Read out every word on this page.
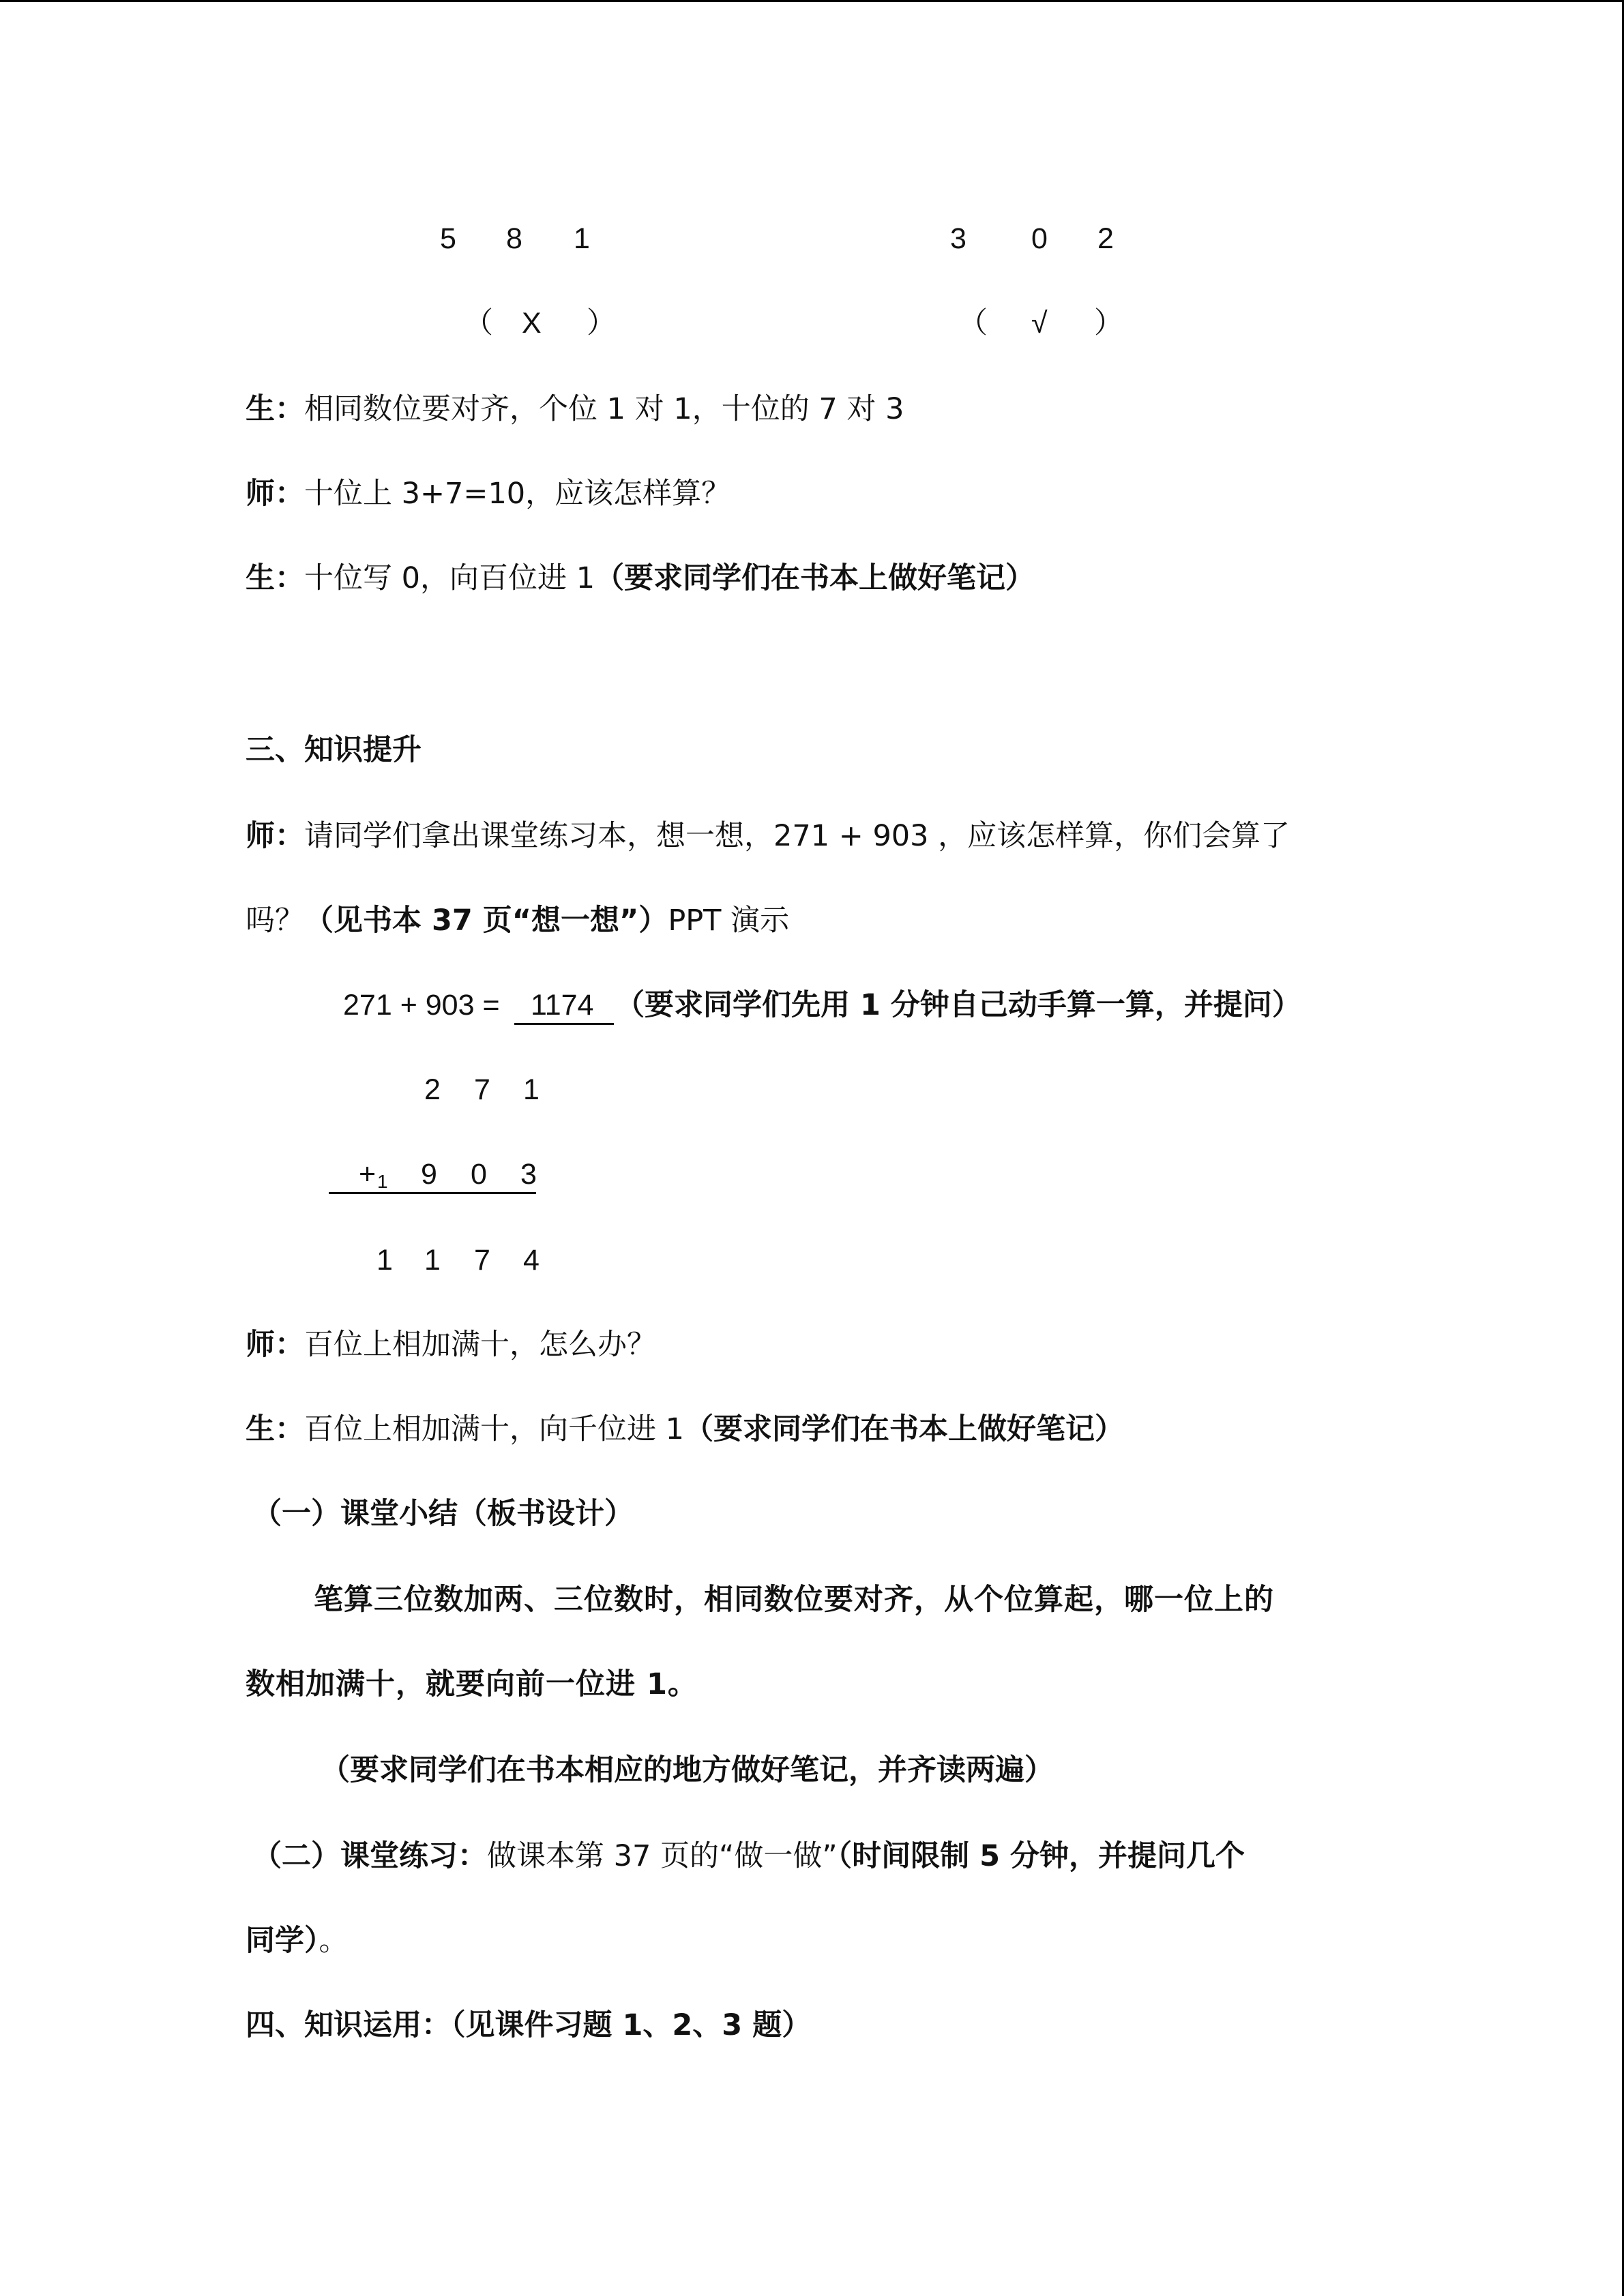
5 8 1	3 0 2
（ X ）	（ √ ）
生：相同数位要对齐，个位 1 对 1，十位的 7 对 3
师：十位上 3+7=10，应该怎样算？
生：十位写 0，向百位进 1（要求同学们在书本上做好笔记）
三、知识提升
师：请同学们拿出课堂练习本，想一想，271 + 903 ，应该怎样算，你们会算了
吗？（见书本 37 页“想一想”）PPT 演示
271 + 903 = 1174 （要求同学们先用 1 分钟自己动手算一算，并提问）
2 7 1
+ 1 9 0 3
1 1 7 4
师：百位上相加满十，怎么办？
生：百位上相加满十，向千位进 1（要求同学们在书本上做好笔记）
（一）课堂小结（板书设计）
笔算三位数加两、三位数时，相同数位要对齐，从个位算起，哪一位上的
数相加满十，就要向前一位进 1。
（要求同学们在书本相应的地方做好笔记，并齐读两遍）
（二）课堂练习：做课本第 37 页的“做一做”（时间限制 5 分钟，并提问几个
同学）。
四、知识运用：（见课件习题 1、2、3 题）
